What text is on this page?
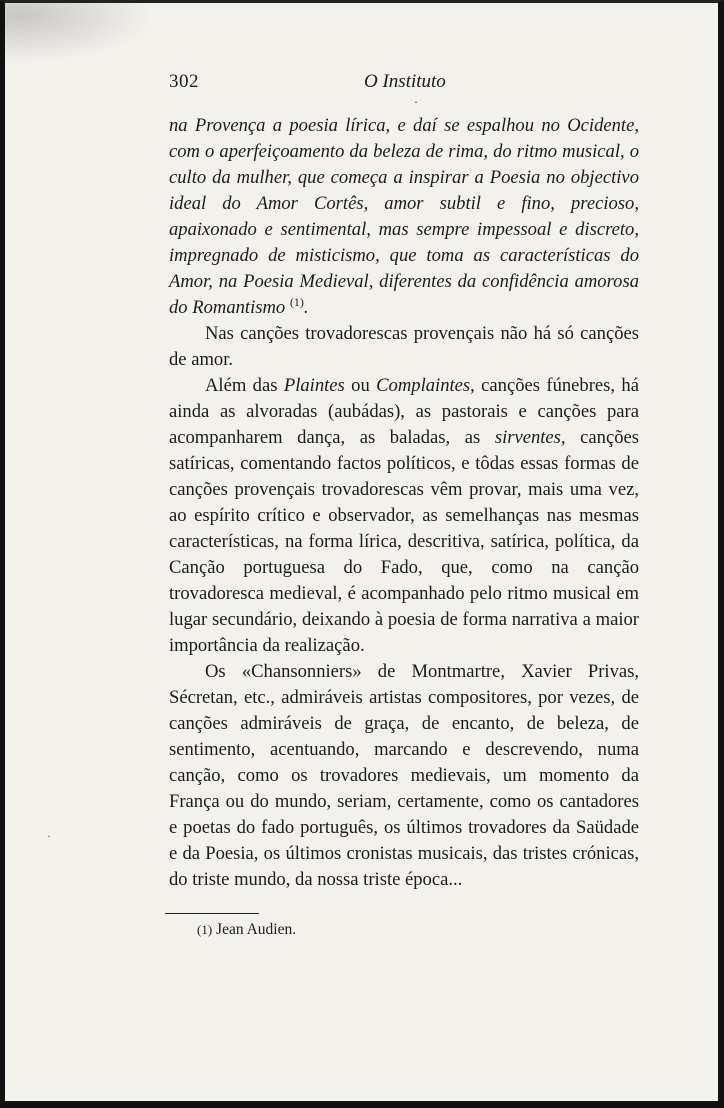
302	O Instituto
·

na Provença a poesia lírica, e daí se espalhou no Ocidente, com o aperfeiçoamento da beleza de rima, do ritmo musical, o culto da mulher, que começa a inspirar a Poesia no objectivo ideal do Amor Cortês, amor subtil e fino, precioso, apaixonado e sentimental, mas sempre impessoal e discreto, impregnado de misticismo, que toma as características do Amor, na Poesia Medieval, diferentes da confidência amorosa do Romantismo $^{(1)}$.

Nas canções trovadorescas provençais não há só canções de amor.

Além das Plaintes ou Complaintes, canções fúnebres, há ainda as alvoradas (aubádas), as pastorais e canções para acompanharem dança, as baladas, as sirventes, canções satíricas, comentando factos políticos, e tôdas essas formas de canções provençais trovadorescas vêm provar, mais uma vez, ao espírito crítico e observador, as semelhanças nas mesmas características, na forma lírica, descritiva, satírica, política, da Canção portuguesa do Fado, que, como na canção trovadoresca medieval, é acompanhado pelo ritmo musical em lugar secundário, deixando à poesia de forma narrativa a maior importância da realização.

Os «Chansonniers» de Montmartre, Xavier Privas, Sécretan, etc., admiráveis artistas compositores, por vezes, de canções admiráveis de graça, de encanto, de beleza, de sentimento, acentuando, marcando e descrevendo, numa canção, como os trovadores medievais, um momento da França ou do mundo, seriam, certamente, como os cantadores e poetas do fado português, os últimos trovadores da Saüdade e da Poesia, os últimos cronistas musicais, das tristes crónicas, do triste mundo, da nossa triste época...

(1) Jean Audien.
·
